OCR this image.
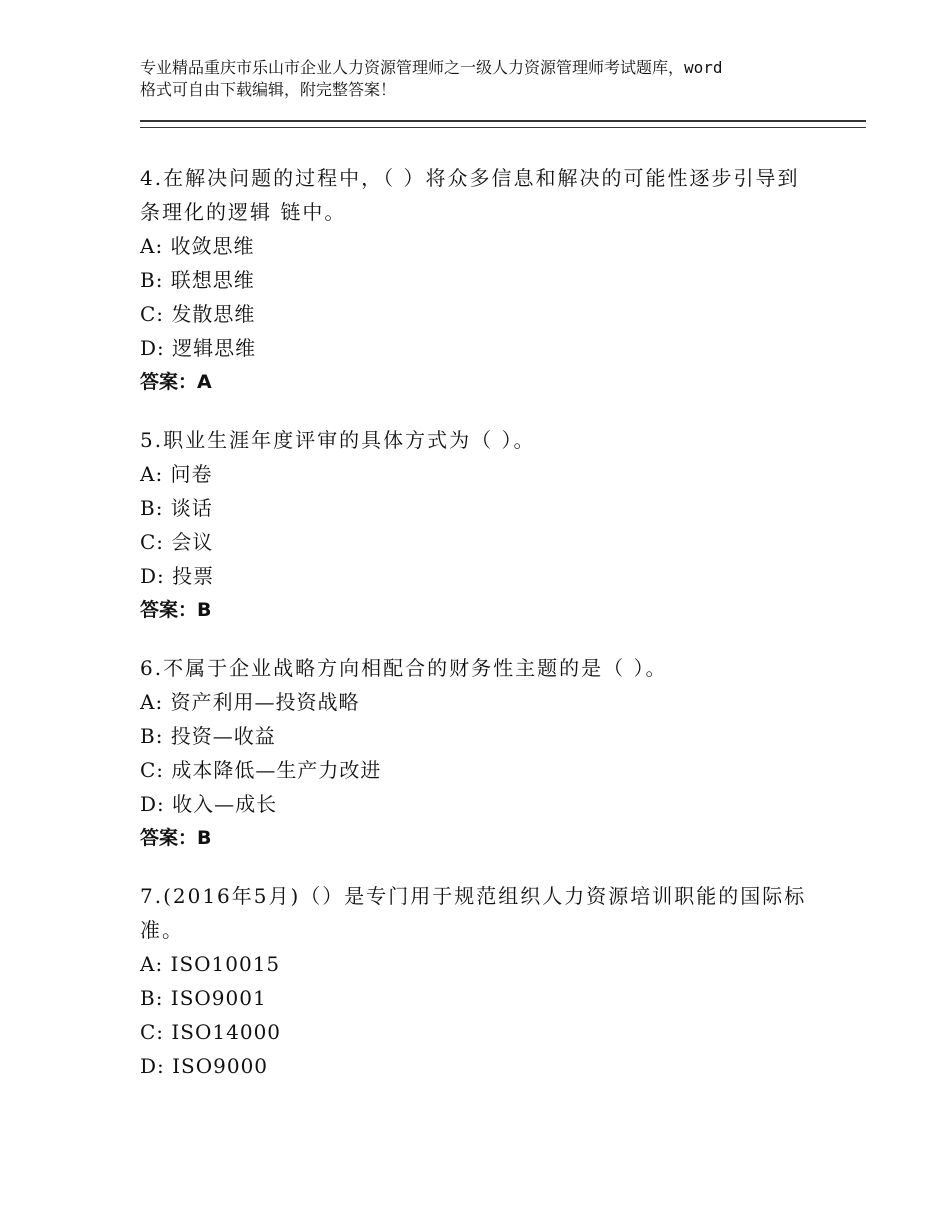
专业精品重庆市乐山市企业人力资源管理师之一级人力资源管理师考试题库，word
格式可自由下载编辑，附完整答案！
4.在解决问题的过程中，（ ）将众多信息和解决的可能性逐步引导到
条理化的逻辑 链中。
A: 收敛思维
B: 联想思维
C: 发散思维
D: 逻辑思维
答案：A
5.职业生涯年度评审的具体方式为（ ）。
A: 问卷
B: 谈话
C: 会议
D: 投票
答案：B
6.不属于企业战略方向相配合的财务性主题的是（ ）。
A: 资产利用—投资战略
B: 投资—收益
C: 成本降低—生产力改进
D: 收入—成长
答案：B
7.(2016年5月)（）是专门用于规范组织人力资源培训职能的国际标
准。
A: ISO10015
B: ISO9001
C: ISO14000
D: ISO9000
